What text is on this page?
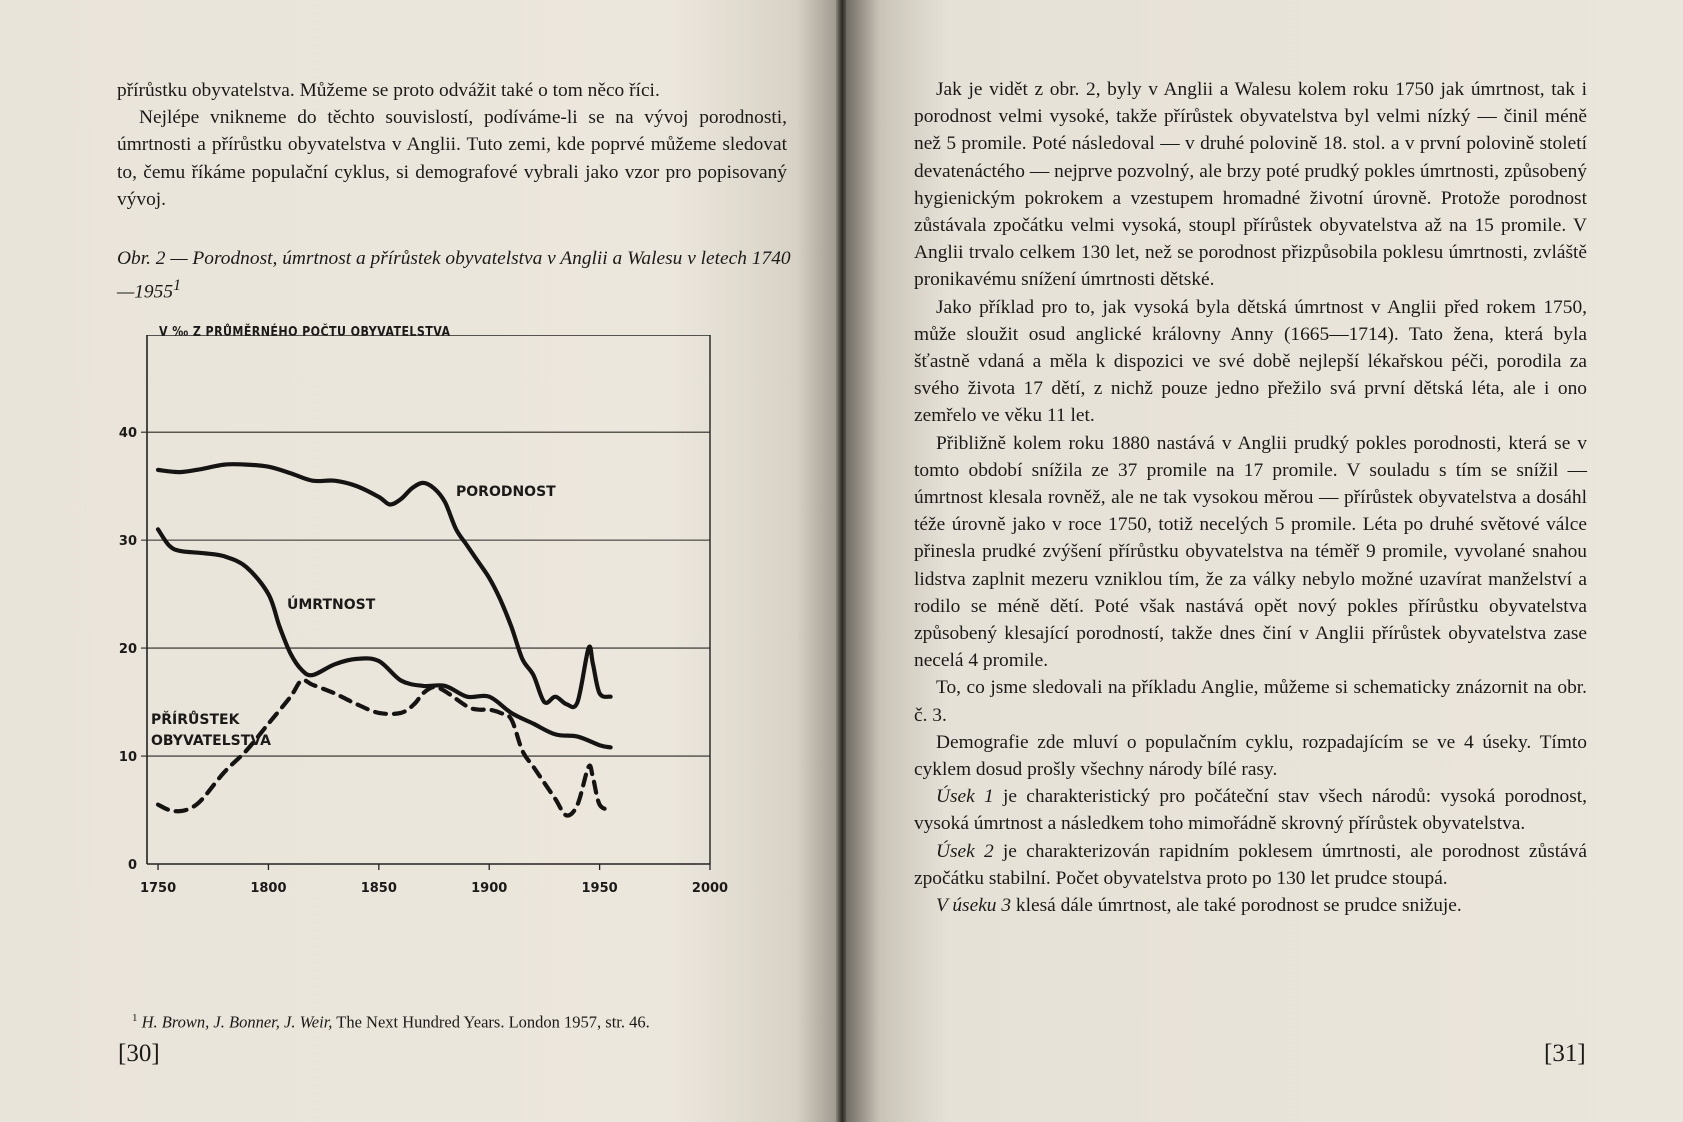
přírůstku obyvatelstva. Můžeme se proto odvážit také o tom něco říci.

Nejlépe vnikneme do těchto souvislostí, podíváme-li se na vývoj porodnosti, úmrtnosti a přírůstku obyvatelstva v Anglii. Tuto zemi, kde poprvé můžeme sledovat to, čemu říkáme populační cyklus, si demografové vybrali jako vzor pro popisovaný vývoj.

Obr. 2 — Porodnost, úmrtnost a přírůstek obyvatelstva v Anglii a Walesu v letech 1740—1955$^1$
V ‰ Z PRŮMĚRNÉHO POČTU OBYVATELSTVA
0
10
20
30
40
1750	1800	1850	1900	1950	2000
PORODNOST
ÚMRTNOST
PŘÍRŮSTEK
OBYVATELSTVA
$^1$ H. Brown, J. Bonner, J. Weir, The Next Hundred Years. London 1957, str. 46.
[30]

Jak je vidět z obr. 2, byly v Anglii a Walesu kolem roku 1750 jak úmrtnost, tak i porodnost velmi vysoké, takže přírůstek obyvatelstva byl velmi nízký — činil méně než 5 promile. Poté následoval — v druhé polovině 18. stol. a v první polovině století devatenáctého — nejprve pozvolný, ale brzy poté prudký pokles úmrtnosti, způsobený hygienickým pokrokem a vzestupem hromadné životní úrovně. Protože porodnost zůstávala zpočátku velmi vysoká, stoupl přírůstek obyvatelstva až na 15 promile. V Anglii trvalo celkem 130 let, než se porodnost přizpůsobila poklesu úmrtnosti, zvláště pronikavému snížení úmrtnosti dětské.

Jako příklad pro to, jak vysoká byla dětská úmrtnost v Anglii před rokem 1750, může sloužit osud anglické královny Anny (1665—1714). Tato žena, která byla šťastně vdaná a měla k dispozici ve své době nejlepší lékařskou péči, porodila za svého života 17 dětí, z nichž pouze jedno přežilo svá první dětská léta, ale i ono zemřelo ve věku 11 let.

Přibližně kolem roku 1880 nastává v Anglii prudký pokles porodnosti, která se v tomto období snížila ze 37 promile na 17 promile. V souladu s tím se snížil — úmrtnost klesala rovněž, ale ne tak vysokou měrou — přírůstek obyvatelstva a dosáhl téže úrovně jako v roce 1750, totiž necelých 5 promile. Léta po druhé světové válce přinesla prudké zvýšení přírůstku obyvatelstva na téměř 9 promile, vyvolané snahou lidstva zaplnit mezeru vzniklou tím, že za války nebylo možné uzavírat manželství a rodilo se méně dětí. Poté však nastává opět nový pokles přírůstku obyvatelstva způsobený klesající porodností, takže dnes činí v Anglii přírůstek obyvatelstva zase necelá 4 promile.

To, co jsme sledovali na příkladu Anglie, můžeme si schematicky znázornit na obr. č. 3.

Demografie zde mluví o populačním cyklu, rozpadajícím se ve 4 úseky. Tímto cyklem dosud prošly všechny národy bílé rasy.

Úsek 1 je charakteristický pro počáteční stav všech národů: vysoká porodnost, vysoká úmrtnost a následkem toho mimořádně skrovný přírůstek obyvatelstva.

Úsek 2 je charakterizován rapidním poklesem úmrtnosti, ale porodnost zůstává zpočátku stabilní. Počet obyvatelstva proto po 130 let prudce stoupá.

V úseku 3 klesá dále úmrtnost, ale také porodnost se prudce snižuje.

[31]
